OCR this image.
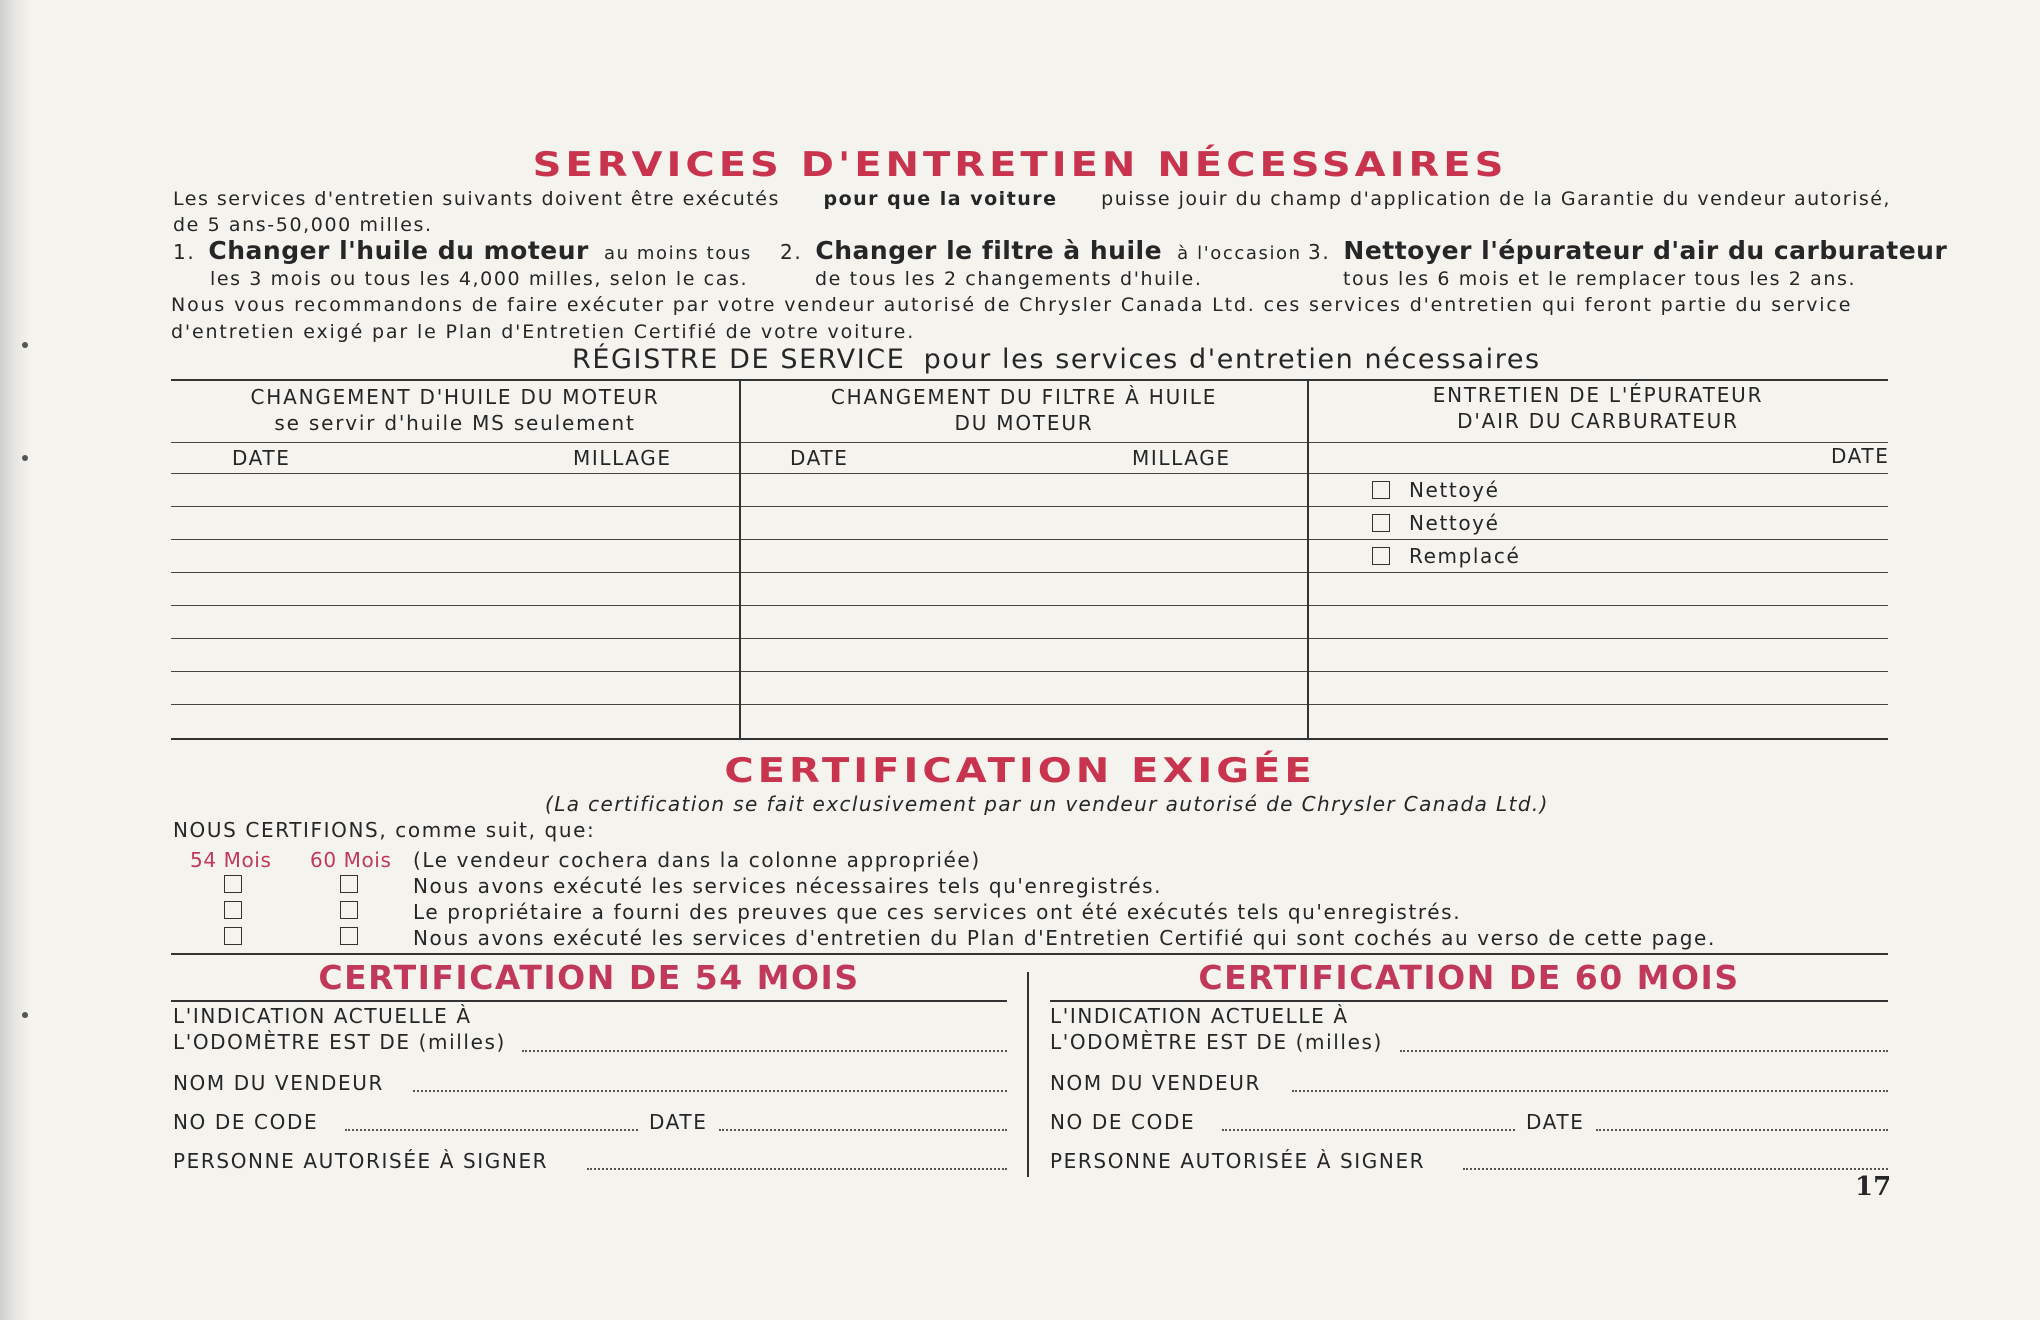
SERVICES D'ENTRETIEN NÉCESSAIRES
Les services d'entretien suivants doivent être exécutés pour que la voiture puisse jouir du champ d'application de la Garantie du vendeur autorisé,
de 5 ans-50,000 milles.
1. Changer l'huile du moteur au moins tous
les 3 mois ou tous les 4,000 milles, selon le cas.
2. Changer le filtre à huile à l'occasion
de tous les 2 changements d'huile.
3. Nettoyer l'épurateur d'air du carburateur
tous les 6 mois et le remplacer tous les 2 ans.
Nous vous recommandons de faire exécuter par votre vendeur autorisé de Chrysler Canada Ltd. ces services d'entretien qui feront partie du service
d'entretien exigé par le Plan d'Entretien Certifié de votre voiture.
RÉGISTRE DE SERVICE pour les services d'entretien nécessaires
CHANGEMENT D'HUILE DU MOTEUR
se servir d'huile MS seulement
CHANGEMENT DU FILTRE À HUILE
DU MOTEUR
ENTRETIEN DE L'ÉPURATEUR
D'AIR DU CARBURATEUR
DATE	MILLAGE	DATE	MILLAGE	DATE
Nettoyé
Nettoyé
Remplacé
CERTIFICATION EXIGÉE
(La certification se fait exclusivement par un vendeur autorisé de Chrysler Canada Ltd.)
NOUS CERTIFIONS, comme suit, que:
54 Mois 60 Mois (Le vendeur cochera dans la colonne appropriée)
Nous avons exécuté les services nécessaires tels qu'enregistrés.
Le propriétaire a fourni des preuves que ces services ont été exécutés tels qu'enregistrés.
Nous avons exécuté les services d'entretien du Plan d'Entretien Certifié qui sont cochés au verso de cette page.
CERTIFICATION DE 54 MOIS
L'INDICATION ACTUELLE À
L'ODOMÈTRE EST DE (milles)
NOM DU VENDEUR
NO DE CODE	DATE
PERSONNE AUTORISÉE À SIGNER
CERTIFICATION DE 60 MOIS
L'INDICATION ACTUELLE À
L'ODOMÈTRE EST DE (milles)
NOM DU VENDEUR
NO DE CODE	DATE
PERSONNE AUTORISÉE À SIGNER
17
